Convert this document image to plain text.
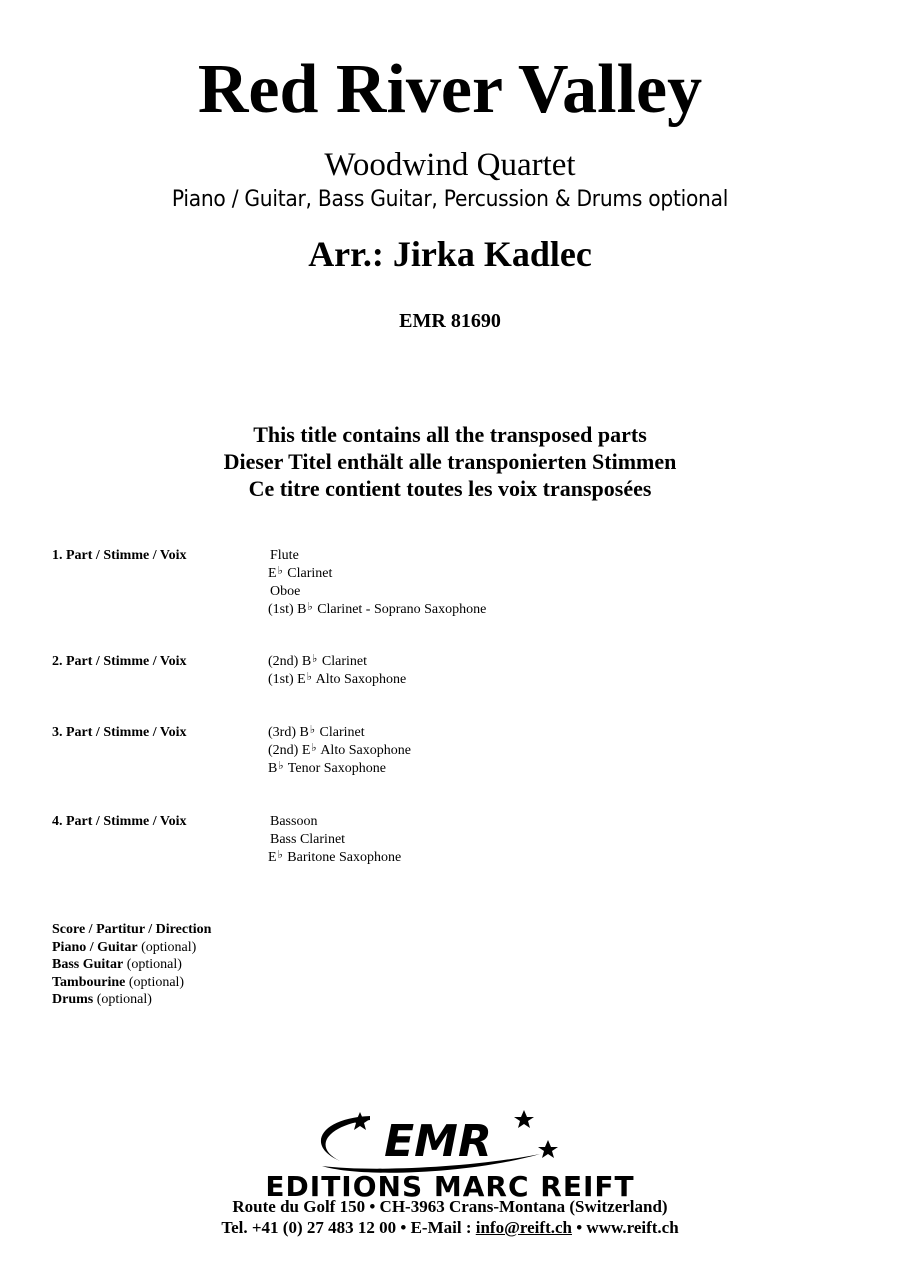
Red River Valley
Woodwind Quartet
Piano / Guitar, Bass Guitar, Percussion & Drums optional
Arr.: Jirka Kadlec
EMR 81690
This title contains all the transposed parts
Dieser Titel enthält alle transponierten Stimmen
Ce titre contient toutes les voix transposées
1. Part / Stimme / Voix	Flute
E♭ Clarinet
Oboe
(1st) B♭ Clarinet - Soprano Saxophone
2. Part / Stimme / Voix	(2nd) B♭ Clarinet
(1st) E♭ Alto Saxophone
3. Part / Stimme / Voix	(3rd) B♭ Clarinet
(2nd) E♭ Alto Saxophone
B♭ Tenor Saxophone
4. Part / Stimme / Voix	Bassoon
Bass Clarinet
E♭ Baritone Saxophone
Score / Partitur / Direction
Piano / Guitar (optional)
Bass Guitar (optional)
Tambourine (optional)
Drums (optional)
EMR
EDITIONS MARC REIFT
Route du Golf 150 • CH-3963 Crans-Montana (Switzerland)
Tel. +41 (0) 27 483 12 00 • E-Mail : info@reift.ch • www.reift.ch
